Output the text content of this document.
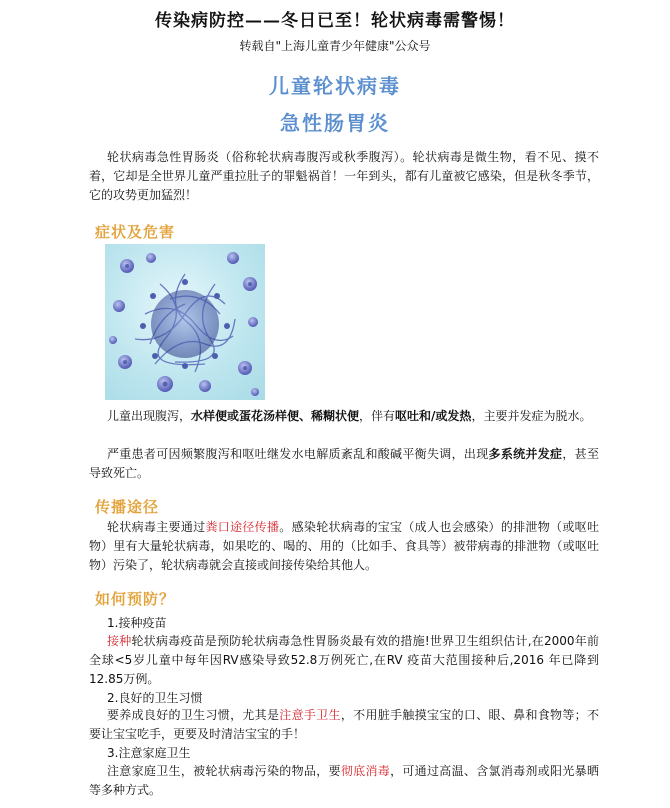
传染病防控——冬日已至！轮状病毒需警惕！
转载自"上海儿童青少年健康"公众号
儿童轮状病毒
急性肠胃炎
轮状病毒急性胃肠炎（俗称轮状病毒腹泻或秋季腹泻）。轮状病毒是微生物，看不见、摸不着，它却是全世界儿童严重拉肚子的罪魁祸首！一年到头，都有儿童被它感染，但是秋冬季节，它的攻势更加猛烈！
症状及危害
儿童出现腹泻，水样便或蛋花汤样便、稀糊状便，伴有呕吐和/或发热，主要并发症为脱水。
严重患者可因频繁腹泻和呕吐继发水电解质紊乱和酸碱平衡失调，出现多系统并发症，甚至导致死亡。
传播途径
轮状病毒主要通过粪口途径传播。感染轮状病毒的宝宝（成人也会感染）的排泄物（或呕吐物）里有大量轮状病毒，如果吃的、喝的、用的（比如手、食具等）被带病毒的排泄物（或呕吐物）污染了，轮状病毒就会直接或间接传染给其他人。
如何预防？
1.接种疫苗
接种轮状病毒疫苗是预防轮状病毒急性胃肠炎最有效的措施!世界卫生组织估计,在2000年前全球<5岁儿童中每年因RV感染导致52.8万例死亡,在RV 疫苗大范围接种后,2016 年已降到12.85万例。
2.良好的卫生习惯
要养成良好的卫生习惯，尤其是注意手卫生，不用脏手触摸宝宝的口、眼、鼻和食物等；不要让宝宝吃手，更要及时清洁宝宝的手！
3.注意家庭卫生
注意家庭卫生，被轮状病毒污染的物品，要彻底消毒，可通过高温、含氯消毒剂或阳光暴晒等多种方式。
